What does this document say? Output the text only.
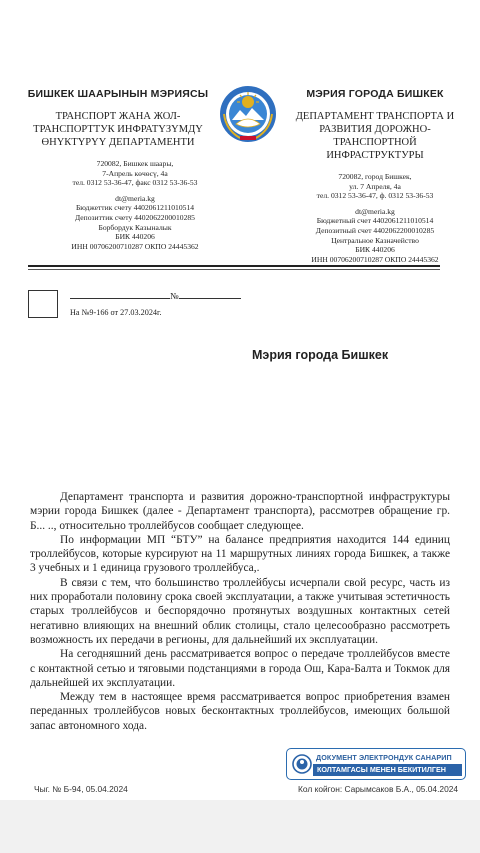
БИШКЕК ШААРЫНЫН МЭРИЯСЫ
ТРАНСПОРТ ЖАНА ЖОЛ-
ТРАНСПОРТТУК ИНФРАТҮЗҮМДҮ
ӨНҮКТҮРҮҮ ДЕПАРТАМЕНТИ
720082, Бишкек шаары,
7-Апрель көчөсү, 4а
тел. 0312 53-36-47, факс 0312 53-36-53
dt@meria.kg
Бюджеттик счету 4402061211010514
Депозиттик счету 4402062200010285
Борбордук Казыналык
БИК 440206
ИНН 00706200710287 ОКПО 24445362
МЭРИЯ ГОРОДА БИШКЕК
ДЕПАРТАМЕНТ ТРАНСПОРТА И
РАЗВИТИЯ ДОРОЖНО-
ТРАНСПОРТНОЙ
ИНФРАСТРУКТУРЫ
720082, город Бишкек,
ул. 7 Апреля, 4а
тел. 0312 53-36-47, ф. 0312 53-36-53
dt@meria.kg
Бюджетный счет 4402061211010514
Депозитный счет 4402062200010285
Центральное Казначейство
БИК 440206
ИНН 00706200710287 ОКПО 24445362
№
На №9-166 от 27.03.2024г.
Мэрия города Бишкек

Департамент транспорта и развития дорожно-транспортной инфраструктуры мэрии города Бишкек (далее - Департамент транспорта), рассмотрев обращение гр. Б... .., относительно троллейбусов сообщает следующее.

По информации МП “БТУ” на балансе предприятия находится 144 единиц троллейбусов, которые курсируют на 11 маршрутных линиях города Бишкек, а также 3 учебных и 1 единица грузового троллейбуса,.

В связи с тем, что большинство троллейбусы исчерпали свой ресурс, часть из них проработали половину срока своей эксплуатации, а также учитывая эстетичность старых троллейбусов и беспорядочно протянутых воздушных контактных сетей негативно влияющих на внешний облик столицы, стало целесообразно рассмотреть возможность их передачи в регионы, для дальнейший их эксплуатации.

На сегодняшний день рассматривается вопрос о передаче троллейбусов вместе с контактной сетью и тяговыми подстанциями в города Ош, Кара-Балта и Токмок для дальнейшей их эксплуатации.

Между тем в настоящее время рассматривается вопрос приобретения взамен переданных троллейбусов новых бесконтактных троллейбусов, имеющих большой запас автономного хода.

ДОКУМЕНТ ЭЛЕКТРОНДУК САНАРИП
КОЛТАМГАСЫ МЕНЕН БЕКИТИЛГЕН
Чыг. № Б-94, 05.04.2024	Кол койгон: Сарымсаков Б.А., 05.04.2024
